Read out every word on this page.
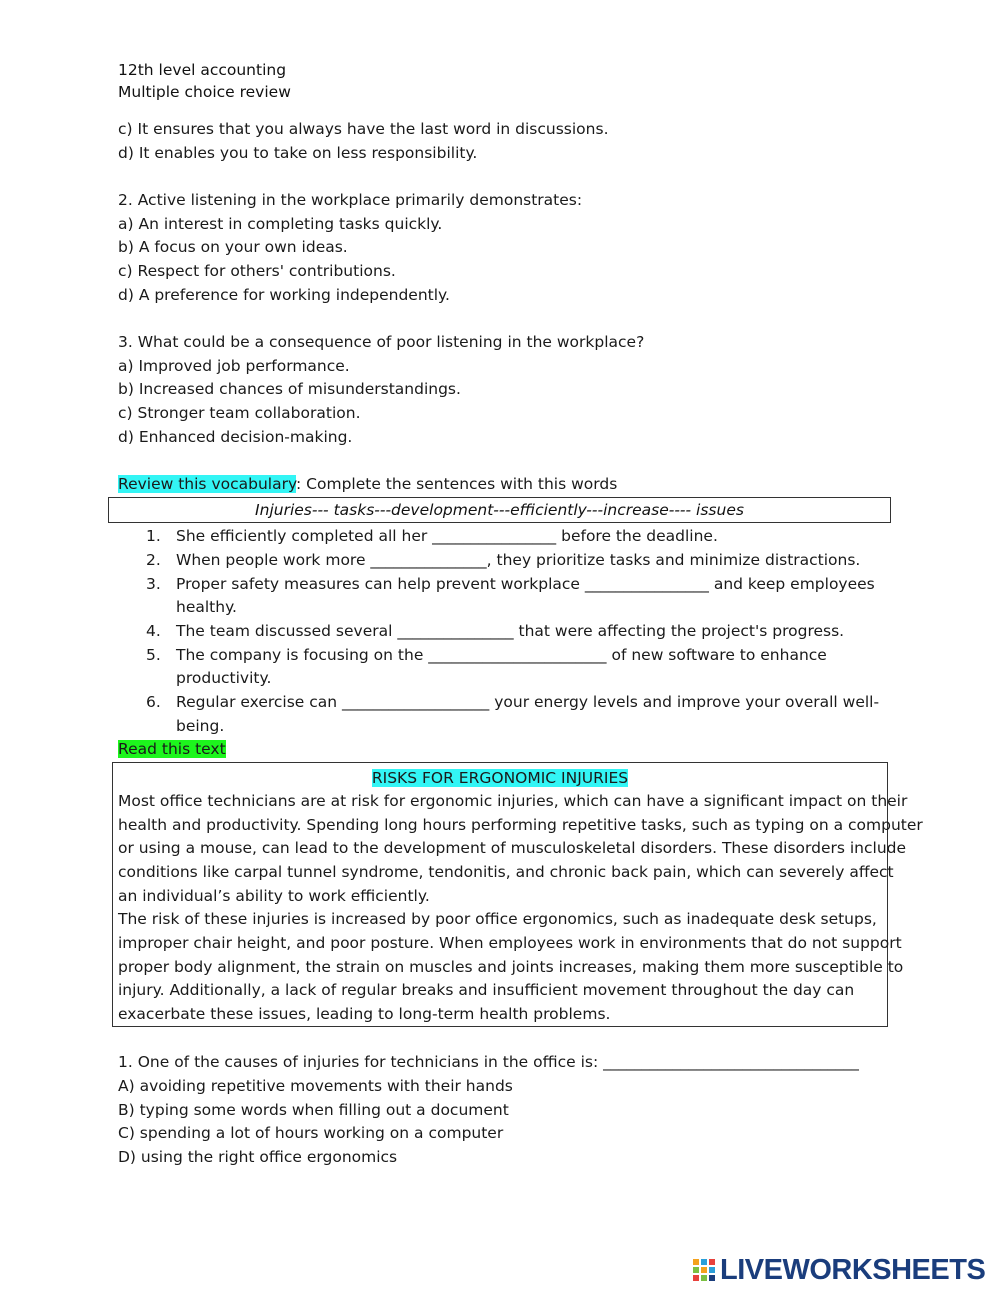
12th level accounting
Multiple choice review
c) It ensures that you always have the last word in discussions.
d) It enables you to take on less responsibility.
2. Active listening in the workplace primarily demonstrates:
a) An interest in completing tasks quickly.
b) A focus on your own ideas.
c) Respect for others' contributions.
d) A preference for working independently.
3. What could be a consequence of poor listening in the workplace?
a) Improved job performance.
b) Increased chances of misunderstandings.
c) Stronger team collaboration.
d) Enhanced decision-making.
Review this vocabulary: Complete the sentences with this words
Injuries--- tasks---development---efficiently---increase---- issues
1. She efficiently completed all her ________________ before the deadline.
2. When people work more _______________, they prioritize tasks and minimize distractions.
3. Proper safety measures can help prevent workplace ________________ and keep employees
healthy.
4. The team discussed several _______________ that were affecting the project's progress.
5. The company is focusing on the _______________________ of new software to enhance
productivity.
6. Regular exercise can ___________________ your energy levels and improve your overall well-
being.
Read this text
RISKS FOR ERGONOMIC INJURIES
Most office technicians are at risk for ergonomic injuries, which can have a significant impact on their
health and productivity. Spending long hours performing repetitive tasks, such as typing on a computer
or using a mouse, can lead to the development of musculoskeletal disorders. These disorders include
conditions like carpal tunnel syndrome, tendonitis, and chronic back pain, which can severely affect
an individual’s ability to work efficiently.
The risk of these injuries is increased by poor office ergonomics, such as inadequate desk setups,
improper chair height, and poor posture. When employees work in environments that do not support
proper body alignment, the strain on muscles and joints increases, making them more susceptible to
injury. Additionally, a lack of regular breaks and insufficient movement throughout the day can
exacerbate these issues, leading to long-term health problems.
1. One of the causes of injuries for technicians in the office is: _________________________________
A) avoiding repetitive movements with their hands
B) typing some words when filling out a document
C) spending a lot of hours working on a computer
D) using the right office ergonomics
LIVEWORKSHEETS
